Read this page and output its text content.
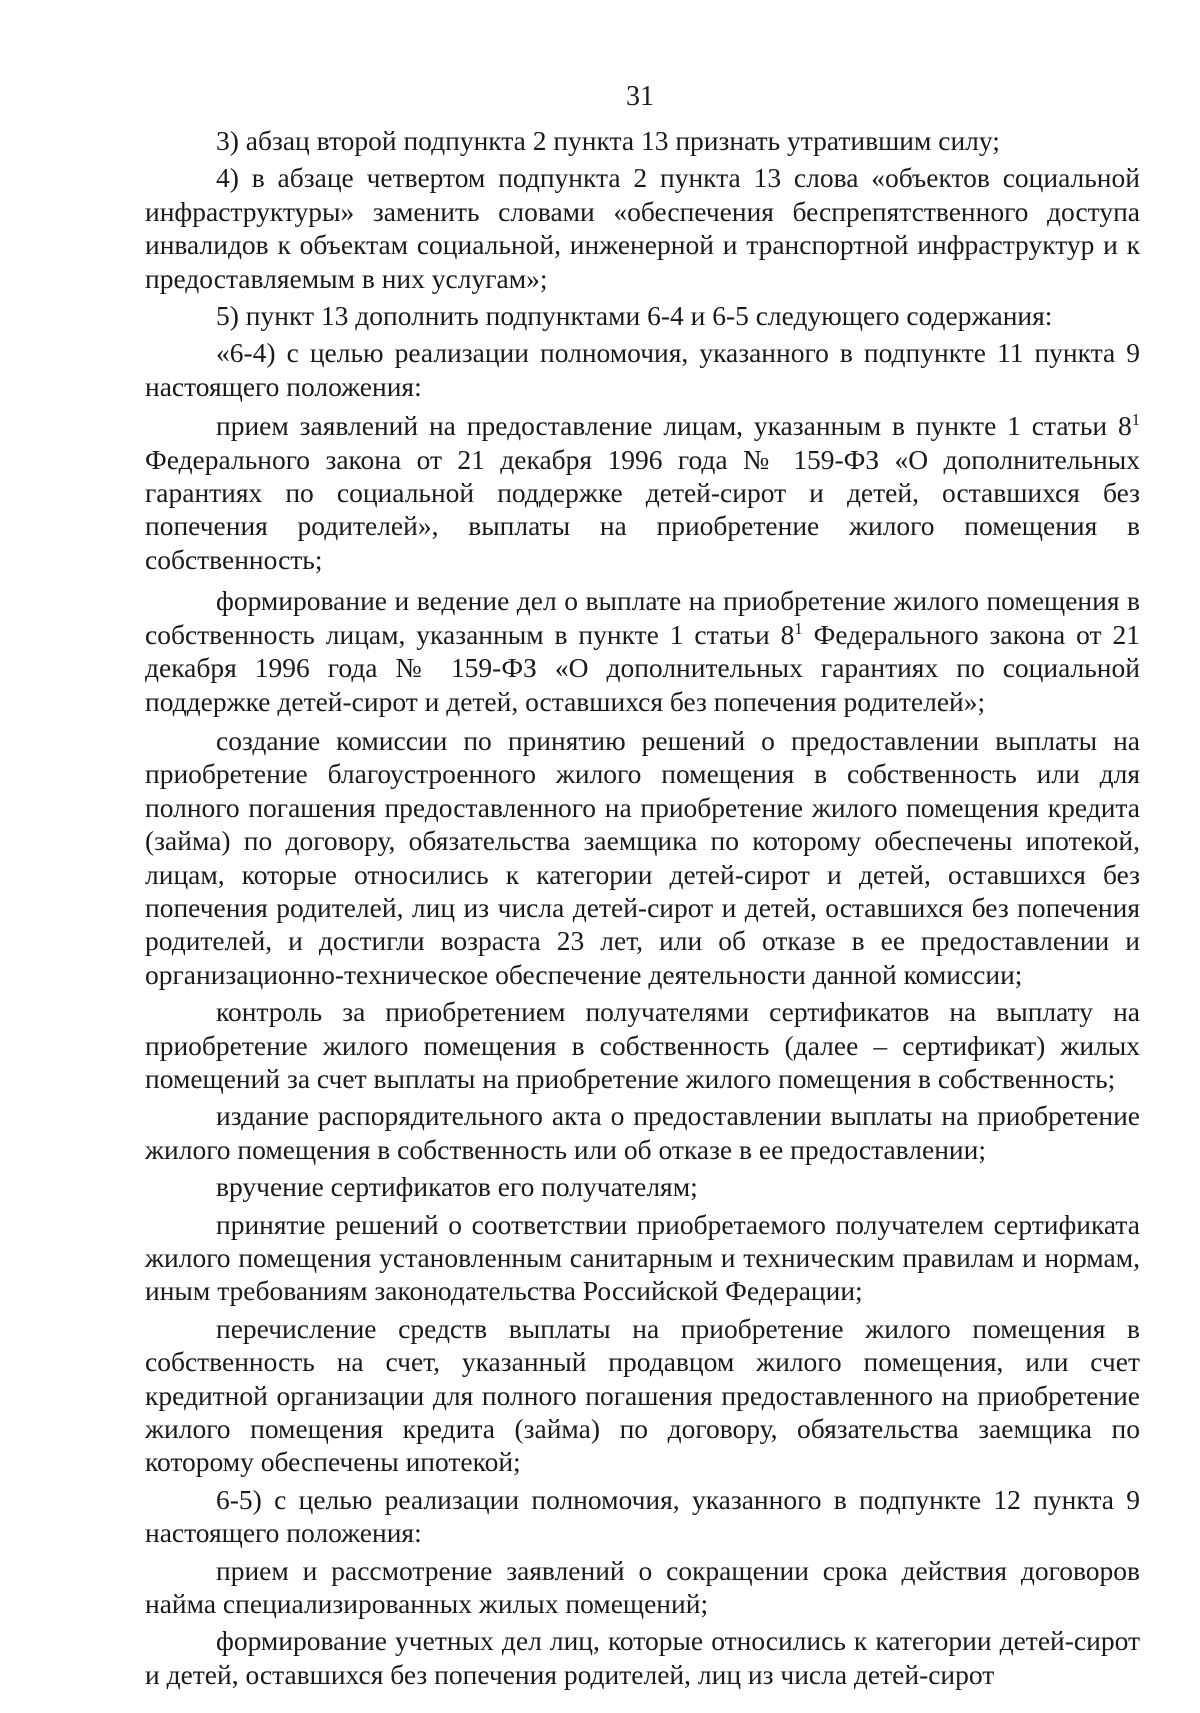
31

3) абзац второй подпункта 2 пункта 13 признать утратившим силу;

4) в абзаце четвертом подпункта 2 пункта 13 слова «объектов социальной инфраструктуры» заменить словами «обеспечения беспрепятственного доступа инвалидов к объектам социальной, инженерной и транспортной инфраструктур и к предоставляемым в них услугам»;

5) пункт 13 дополнить подпунктами 6-4 и 6-5 следующего содержания:

«6-4) с целью реализации полномочия, указанного в подпункте 11 пункта 9 настоящего положения:

прием заявлений на предоставление лицам, указанным в пункте 1 статьи $8^1$ Федерального закона от 21 декабря 1996 года № 159-ФЗ «О дополнительных гарантиях по социальной поддержке детей-сирот и детей, оставшихся без попечения родителей», выплаты на приобретение жилого помещения в собственность;

формирование и ведение дел о выплате на приобретение жилого помещения в собственность лицам, указанным в пункте 1 статьи $8^1$ Федерального закона от 21 декабря 1996 года № 159-ФЗ «О дополнительных гарантиях по социальной поддержке детей-сирот и детей, оставшихся без попечения родителей»;

создание комиссии по принятию решений о предоставлении выплаты на приобретение благоустроенного жилого помещения в собственность или для полного погашения предоставленного на приобретение жилого помещения кредита (займа) по договору, обязательства заемщика по которому обеспечены ипотекой, лицам, которые относились к категории детей-сирот и детей, оставшихся без попечения родителей, лиц из числа детей-сирот и детей, оставшихся без попечения родителей, и достигли возраста 23 лет, или об отказе в ее предоставлении и организационно-техническое обеспечение деятельности данной комиссии;

контроль за приобретением получателями сертификатов на выплату на приобретение жилого помещения в собственность (далее – сертификат) жилых помещений за счет выплаты на приобретение жилого помещения в собственность;

издание распорядительного акта о предоставлении выплаты на приобретение жилого помещения в собственность или об отказе в ее предоставлении;

вручение сертификатов его получателям;

принятие решений о соответствии приобретаемого получателем сертификата жилого помещения установленным санитарным и техническим правилам и нормам, иным требованиям законодательства Российской Федерации;

перечисление средств выплаты на приобретение жилого помещения в собственность на счет, указанный продавцом жилого помещения, или счет кредитной организации для полного погашения предоставленного на приобретение жилого помещения кредита (займа) по договору, обязательства заемщика по которому обеспечены ипотекой;

6-5) с целью реализации полномочия, указанного в подпункте 12 пункта 9 настоящего положения:

прием и рассмотрение заявлений о сокращении срока действия договоров найма специализированных жилых помещений;

формирование учетных дел лиц, которые относились к категории детей-сирот и детей, оставшихся без попечения родителей, лиц из числа детей-сирот
